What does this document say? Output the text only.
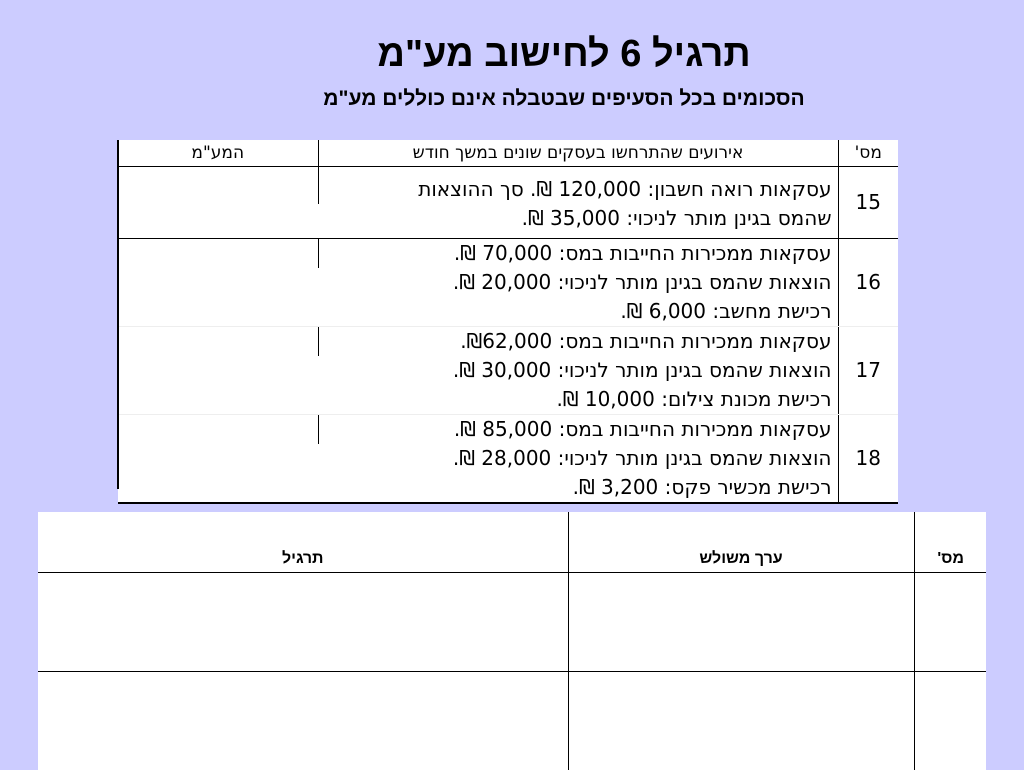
תרגיל 6 לחישוב מע"מ
הסכומים בכל הסעיפים שבטבלה אינם כוללים מע"מ
מס'	אירועים שהתרחשו בעסקים שונים במשך חודש	המע"מ
15	עסקאות רואה חשבון: 120,000 ₪. סך ההוצאות	
	שהמס בגינן מותר לניכוי: 35,000 ₪.	
16	עסקאות ממכירות החייבות במס: 70,000 ₪.	
	הוצאות שהמס בגינן מותר לניכוי: 20,000 ₪.	
	רכישת מחשב: 6,000 ₪.	
17	עסקאות ממכירות החייבות במס: ₪62,000.	
	הוצאות שהמס בגינן מותר לניכוי: 30,000 ₪.	
	רכישת מכונת צילום: 10,000 ₪.	
18	עסקאות ממכירות החייבות במס: 85,000 ₪.	
	הוצאות שהמס בגינן מותר לניכוי: 28,000 ₪.	
	רכישת מכשיר פקס: 3,200 ₪.	
מס'	ערך משולש	תרגיל
